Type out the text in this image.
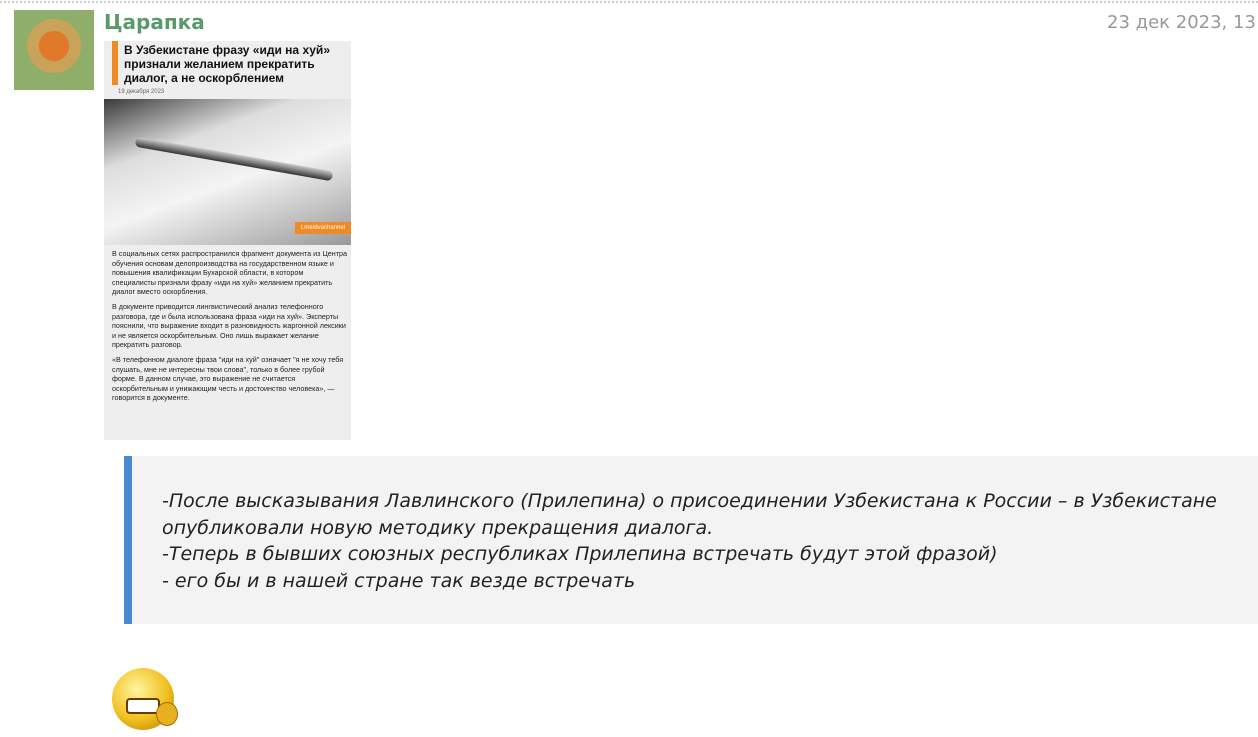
Царапка	23 дек 2023, 13
В Узбекистане фразу «иди на хуй» признали желанием прекратить диалог, а не оскорблением
19 декабря 2023
t.me/dvachannel

В социальных сетях распространился фрагмент документа из Центра обучения основам делопроизводства на государственном языке и повышения квалификации Бухарской области, в котором специалисты признали фразу «иди на хуй» желанием прекратить диалог вместо оскорбления.

В документе приводится лингвистический анализ телефонного разговора, где и была использована фраза «иди на хуй». Эксперты пояснили, что выражение входит в разновидность жаргонной лексики и не является оскорбительным. Оно лишь выражает желание прекратить разговор.

«В телефонном диалоге фраза "иди на хуй" означает "я не хочу тебя слушать, мне не интересны твои слова", только в более грубой форме. В данном случае, это выражение не считается оскорбительным и унижающим честь и достоинство человека», — говорится в документе.

-После высказывания Лавлинского (Прилепина) о присоединении Узбекистана к России – в Узбекистане
опубликовали новую методику прекращения диалога.
-Теперь в бывших союзных республиках Прилепина встречать будут этой фразой)
- его бы и в нашей стране так везде встречать
